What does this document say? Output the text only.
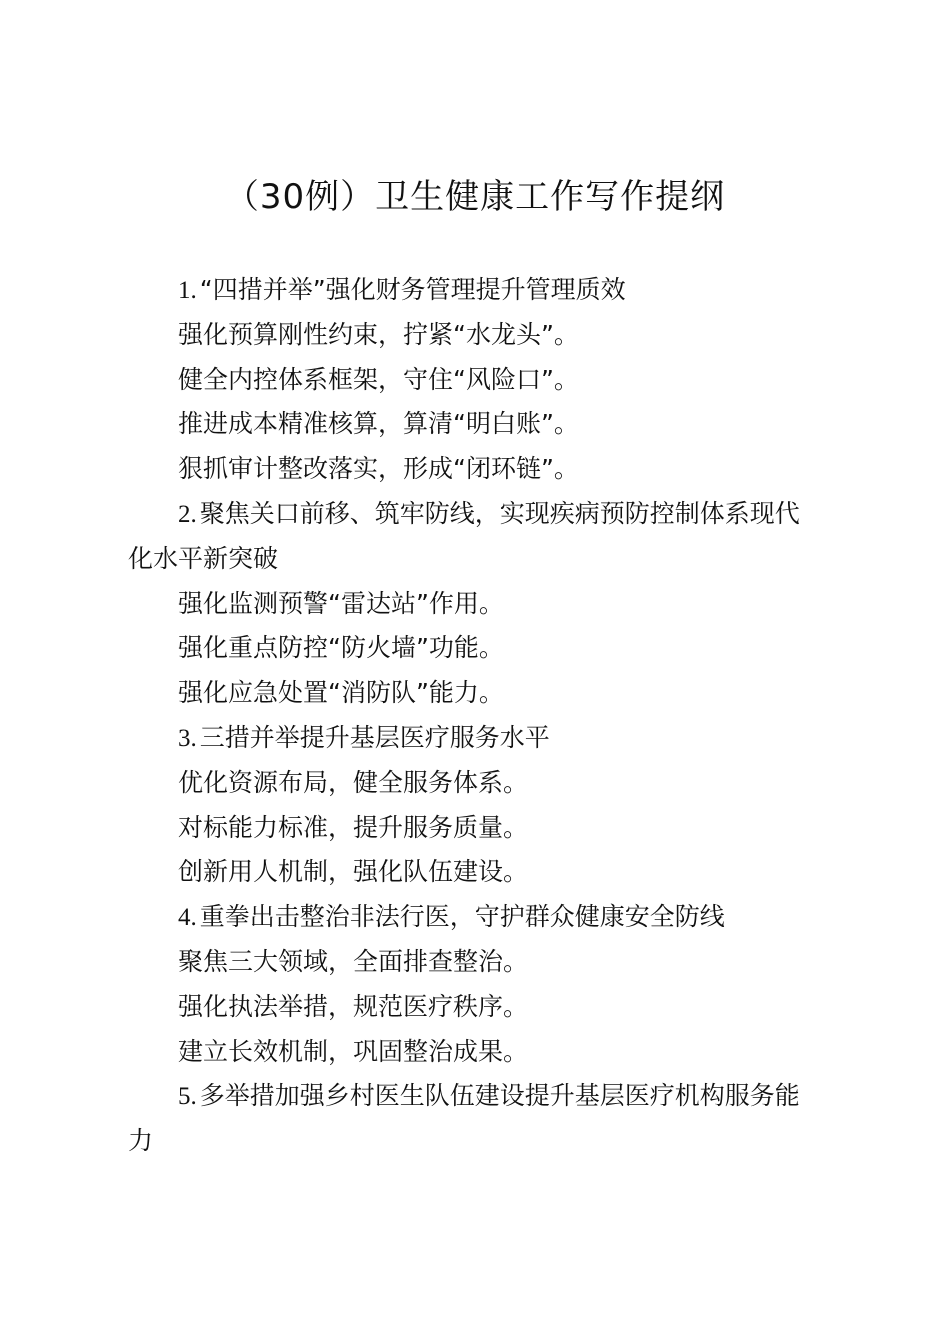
（30例）卫生健康工作写作提纲
1. “四措并举”强化财务管理提升管理质效
强化预算刚性约束，拧紧“水龙头”。
健全内控体系框架，守住“风险口”。
推进成本精准核算，算清“明白账”。
狠抓审计整改落实，形成“闭环链”。
2. 聚焦关口前移、筑牢防线，实现疾病预防控制体系现代
化水平新突破
强化监测预警“雷达站”作用。
强化重点防控“防火墙”功能。
强化应急处置“消防队”能力。
3. 三措并举提升基层医疗服务水平
优化资源布局，健全服务体系。
对标能力标准，提升服务质量。
创新用人机制，强化队伍建设。
4. 重拳出击整治非法行医，守护群众健康安全防线
聚焦三大领域，全面排查整治。
强化执法举措，规范医疗秩序。
建立长效机制，巩固整治成果。
5. 多举措加强乡村医生队伍建设提升基层医疗机构服务能
力
